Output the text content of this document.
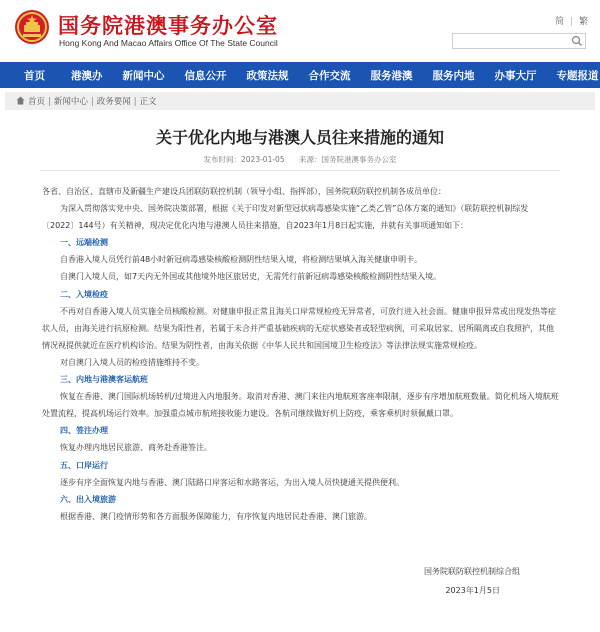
国务院港澳事务办公室
Hong Kong And Macao Affairs Office Of The State Council
简 | 繁
首页	港澳办	新闻中心	信息公开	政策法规	合作交流	服务港澳	服务内地	办事大厅	专题报道
首页 | 新闻中心 | 政务要闻 | 正文
关于优化内地与港澳人员往来措施的通知
发布时间：2023-01-05 来源：国务院港澳事务办公室

各省、自治区、直辖市及新疆生产建设兵团联防联控机制（领导小组、指挥部），国务院联防联控机制各成员单位：

为深入贯彻落实党中央、国务院决策部署，根据《关于印发对新型冠状病毒感染实施“乙类乙管”总体方案的通知》（联防联控机制综发〔2022〕144号）有关精神，现决定优化内地与港澳人员往来措施，自2023年1月8日起实施，并就有关事项通知如下：

一、远端检测

自香港入境人员凭行前48小时新冠病毒感染核酸检测阴性结果入境，将检测结果填入海关健康申明卡。

自澳门入境人员，如7天内无外国或其他境外地区旅居史，无需凭行前新冠病毒感染核酸检测阴性结果入境。

二、入境检疫

不再对自香港入境人员实施全员核酸检测。对健康申报正常且海关口岸常规检疫无异常者，可放行进入社会面。健康申报异常或出现发热等症状人员，由海关进行抗原检测。结果为阳性者，若属于未合并严重基础疾病的无症状感染者或轻型病例，可采取居家、居所隔离或自我照护，其他情况视提供就近在医疗机构诊治。结果为阴性者，由海关依据《中华人民共和国国境卫生检疫法》等法律法规实施常规检疫。

对自澳门入境人员的检疫措施维持不变。

三、内地与港澳客运航班

恢复在香港、澳门国际机场转机/过境进入内地服务。取消对香港、澳门来往内地航班客座率限制，逐步有序增加航班数量。简化机场入境航班处置流程，提高机场运行效率。加强重点城市航班接收能力建设。各航司继续做好机上防疫，乘客乘机时须佩戴口罩。

四、签注办理

恢复办理内地居民旅游、商务赴香港签注。

五、口岸运行

逐步有序全面恢复内地与香港、澳门陆路口岸客运和水路客运，为出入境人员快捷通关提供便利。

六、出入境旅游

根据香港、澳门疫情形势和各方面服务保障能力，有序恢复内地居民赴香港、澳门旅游。

国务院联防联控机制综合组
2023年1月5日
